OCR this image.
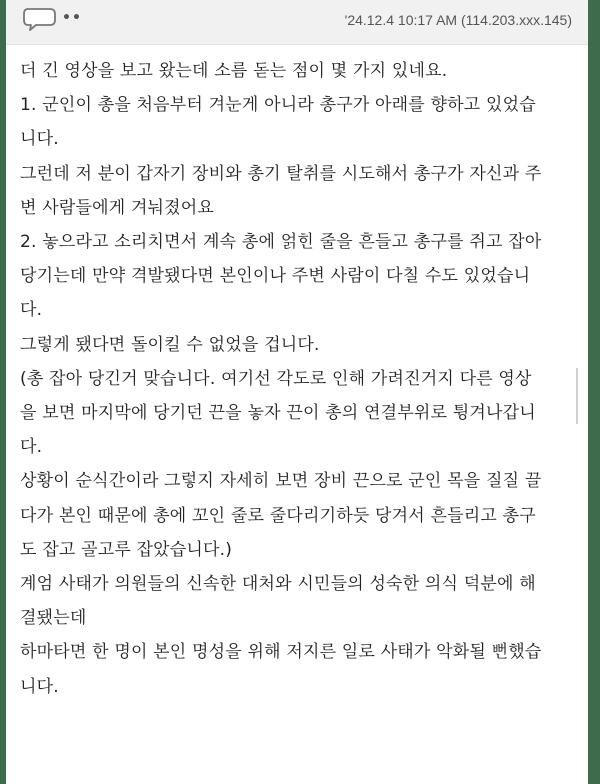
••	'24.12.4 10:17 AM (114.203.xxx.145)
더 긴 영상을 보고 왔는데 소름 돋는 점이 몇 가지 있네요.
1. 군인이 총을 처음부터 겨눈게 아니라 총구가 아래를 향하고 있었습
니다.
그런데 저 분이 갑자기 장비와 총기 탈취를 시도해서 총구가 자신과 주
변 사람들에게 겨눠졌어요
2. 놓으라고 소리치면서 계속 총에 얽힌 줄을 흔들고 총구를 쥐고 잡아
당기는데 만약 격발됐다면 본인이나 주변 사람이 다칠 수도 있었습니
다.
그렇게 됐다면 돌이킬 수 없었을 겁니다.
(총 잡아 당긴거 맞습니다. 여기선 각도로 인해 가려진거지 다른 영상
을 보면 마지막에 당기던 끈을 놓자 끈이 총의 연결부위로 튕겨나갑니
다.
상황이 순식간이라 그렇지 자세히 보면 장비 끈으로 군인 목을 질질 끌
다가 본인 때문에 총에 꼬인 줄로 줄다리기하듯 당겨서 흔들리고 총구
도 잡고 골고루 잡았습니다.)
계엄 사태가 의원들의 신속한 대처와 시민들의 성숙한 의식 덕분에 해
결됐는데
하마타면 한 명이 본인 명성을 위해 저지른 일로 사태가 악화될 뻔했습
니다.
